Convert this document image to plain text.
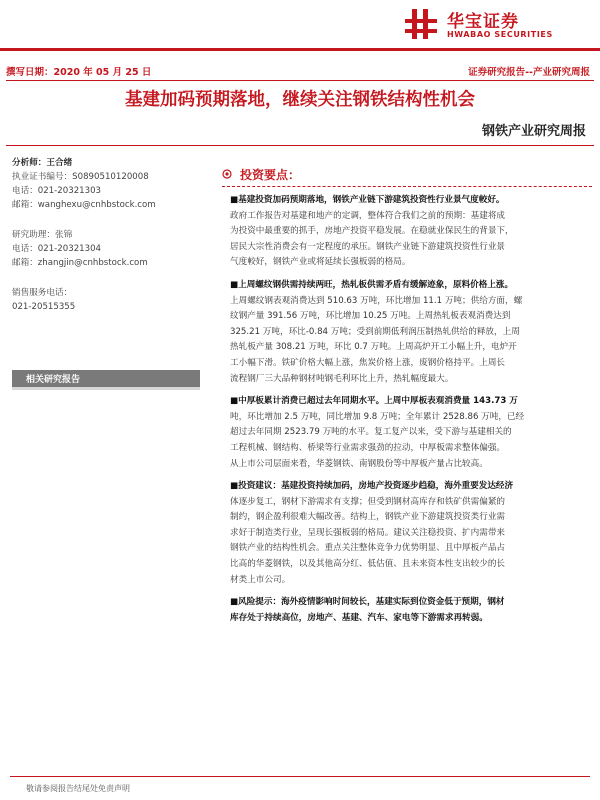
华宝证券
HWABAO SECURITIES
撰写日期：2020 年 05 月 25 日	证券研究报告--产业研究周报
基建加码预期落地，继续关注钢铁结构性机会
钢铁产业研究周报
分析师：王合绪
执业证书编号：S0890510120008
电话：021-20321303
邮箱：wanghexu@cnhbstock.com
研究助理：张锦
电话：021-20321304
邮箱：zhangjin@cnhbstock.com
销售服务电话：
021-20515355
相关研究报告
投资要点：
■基建投资加码预期落地，钢铁产业链下游建筑投资性行业景气度較好。
政府工作报告对基建和地产的定调，整体符合我们之前的预期：基建将成
为投资中最重要的抓手，房地产投资平稳发展。在稳就业保民生的背景下，
居民大宗性消费会有一定程度的承压。钢铁产业链下游建筑投资性行业景
气度較好，钢铁产业或将延续长强板弱的格局。
■上周螺纹钢供需持续两旺，热轧板供需矛盾有缓解迹象，原料价格上涨。
上周螺纹钢表观消费达到 510.63 万吨，环比增加 11.1 万吨；供给方面，螺
纹钢产量 391.56 万吨，环比增加 10.25 万吨。上周热轧板表观消费达到
325.21 万吨，环比-0.84 万吨；受到前期低利润压制热轧供给的释放，上周
热轧板产量 308.21 万吨，环比 0.7 万吨。上周高炉开工小幅上升，电炉开
工小幅下滑。铁矿价格大幅上涨，焦炭价格上涨，废钢价格持平。上周长
流程钢厂三大品种钢材吨钢毛利环比上升，热轧幅度最大。
■中厚板累计消费已超过去年同期水平。上周中厚板表观消费量 143.73 万
吨，环比增加 2.5 万吨，同比增加 9.8 万吨；全年累计 2528.86 万吨，已经
超过去年同期 2523.79 万吨的水平。复工复产以来，受下游与基建相关的
工程机械、钢结构、桥梁等行业需求强劲的拉动，中厚板需求整体偏强。
从上市公司层面来看，华菱钢铁、南钢股份等中厚板产量占比较高。
■投资建议：基建投资持续加码，房地产投资逐步趋稳，海外重要发达经济
体逐步复工，钢材下游需求有支撑；但受到钢材高库存和铁矿供需偏紧的
制约，钢企盈利很难大幅改善。结构上，钢铁产业下游建筑投资类行业需
求好于制造类行业，呈现长强板弱的格局。建议关注稳投资、扩内需带来
钢铁产业的结构性机会。重点关注整体竞争力优势明显、且中厚板产品占
比高的华菱钢铁，以及其他高分红、低估值、且未来资本性支出较少的长
材类上市公司。
■风险提示：海外疫情影响时间较长，基建实际到位资金低于预期，钢材
库存处于持续高位，房地产、基建、汽车、家电等下游需求再转弱。
敬请参阅报告结尾处免责声明
